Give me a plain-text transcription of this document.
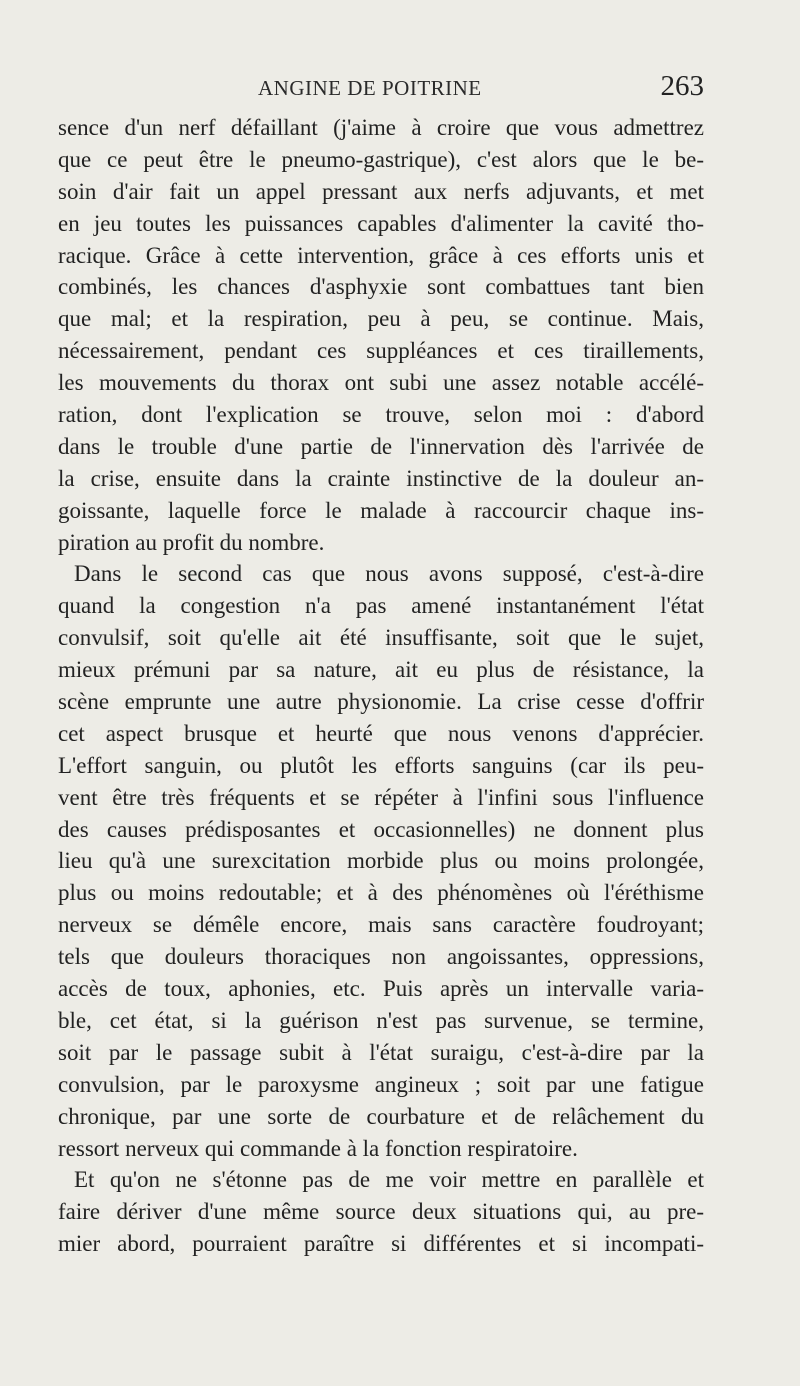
ANGINE DE POITRINE	263
sence d'un nerf défaillant (j'aime à croire que vous admettrez
que ce peut être le pneumo-gastrique), c'est alors que le be-
soin d'air fait un appel pressant aux nerfs adjuvants, et met
en jeu toutes les puissances capables d'alimenter la cavité tho-
racique. Grâce à cette intervention, grâce à ces efforts unis et
combinés, les chances d'asphyxie sont combattues tant bien
que mal; et la respiration, peu à peu, se continue. Mais,
nécessairement, pendant ces suppléances et ces tiraillements,
les mouvements du thorax ont subi une assez notable accélé-
ration, dont l'explication se trouve, selon moi : d'abord
dans le trouble d'une partie de l'innervation dès l'arrivée de
la crise, ensuite dans la crainte instinctive de la douleur an-
goissante, laquelle force le malade à raccourcir chaque ins-
piration au profit du nombre.
Dans le second cas que nous avons supposé, c'est-à-dire
quand la congestion n'a pas amené instantanément l'état
convulsif, soit qu'elle ait été insuffisante, soit que le sujet,
mieux prémuni par sa nature, ait eu plus de résistance, la
scène emprunte une autre physionomie. La crise cesse d'offrir
cet aspect brusque et heurté que nous venons d'apprécier.
L'effort sanguin, ou plutôt les efforts sanguins (car ils peu-
vent être très fréquents et se répéter à l'infini sous l'influence
des causes prédisposantes et occasionnelles) ne donnent plus
lieu qu'à une surexcitation morbide plus ou moins prolongée,
plus ou moins redoutable; et à des phénomènes où l'éréthisme
nerveux se démêle encore, mais sans caractère foudroyant;
tels que douleurs thoraciques non angoissantes, oppressions,
accès de toux, aphonies, etc. Puis après un intervalle varia-
ble, cet état, si la guérison n'est pas survenue, se termine,
soit par le passage subit à l'état suraigu, c'est-à-dire par la
convulsion, par le paroxysme angineux ; soit par une fatigue
chronique, par une sorte de courbature et de relâchement du
ressort nerveux qui commande à la fonction respiratoire.
Et qu'on ne s'étonne pas de me voir mettre en parallèle et
faire dériver d'une même source deux situations qui, au pre-
mier abord, pourraient paraître si différentes et si incompati-
